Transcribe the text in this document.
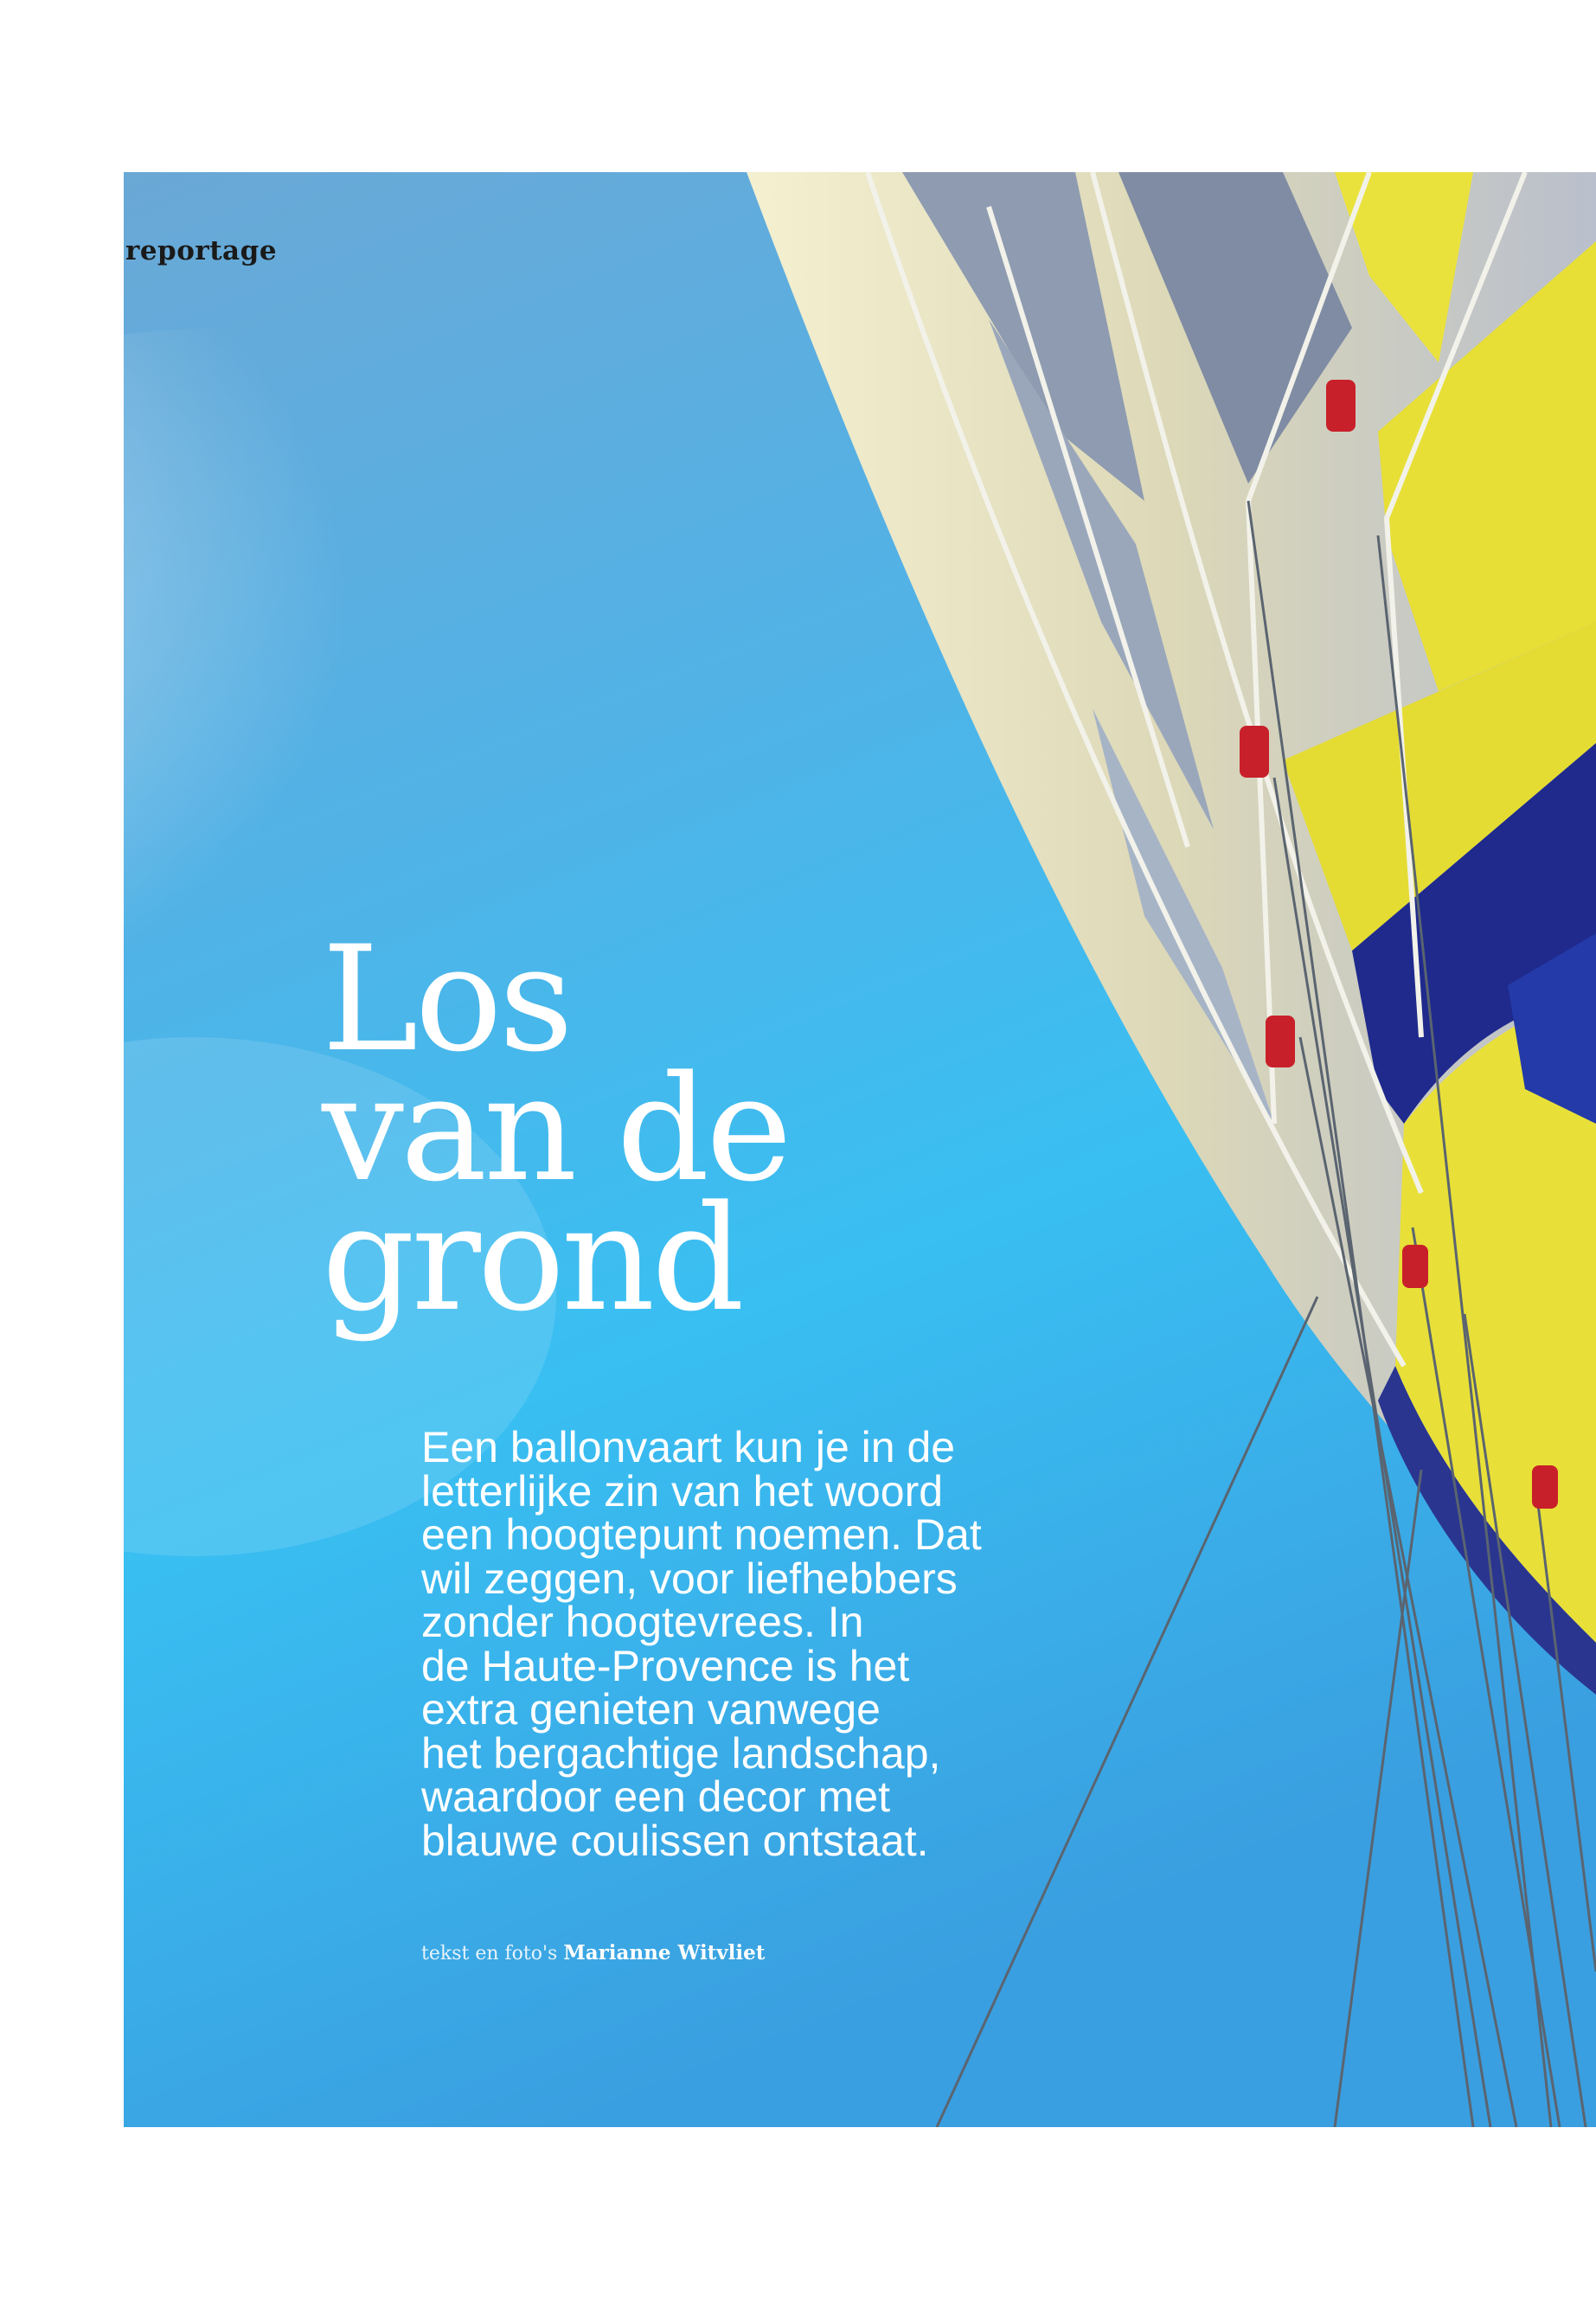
reportage
Los
van de
grond
Een ballonvaart kun je in de
letterlijke zin van het woord
een hoogtepunt noemen. Dat
wil zeggen, voor liefhebbers
zonder hoogtevrees. In
de Haute-Provence is het
extra genieten vanwege
het bergachtige landschap,
waardoor een decor met
blauwe coulissen ontstaat.
tekst en foto's Marianne Witvliet
